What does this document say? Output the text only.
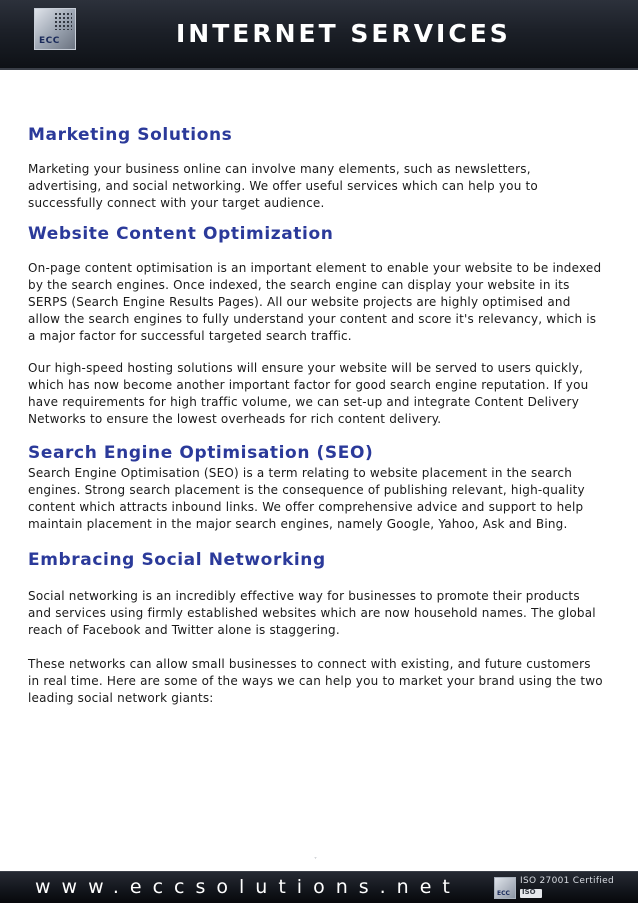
ECC	INTERNET SERVICES
Marketing Solutions

Marketing your business online can involve many elements, such as newsletters, advertising, and social networking. We offer useful services which can help you to successfully connect with your target audience.

Website Content Optimization

On-page content optimisation is an important element to enable your website to be indexed by the search engines. Once indexed, the search engine can display your website in its SERPS (Search Engine Results Pages). All our website projects are highly optimised and allow the search engines to fully understand your content and score it's relevancy, which is a major factor for successful targeted search traffic.

Our high-speed hosting solutions will ensure your website will be served to users quickly, which has now become another important factor for good search engine reputation. If you have requirements for high traffic volume, we can set-up and integrate Content Delivery Networks to ensure the lowest overheads for rich content delivery.

Search Engine Optimisation (SEO)

Search Engine Optimisation (SEO) is a term relating to website placement in the search engines. Strong search placement is the consequence of publishing relevant, high-quality content which attracts inbound links. We offer comprehensive advice and support to help maintain placement in the major search engines, namely Google, Yahoo, Ask and Bing.

Embracing Social Networking

Social networking is an incredibly effective way for businesses to promote their products and services using firmly established websites which are now household names. The global reach of Facebook and Twitter alone is staggering.

These networks can allow small businesses to connect with existing, and future customers in real time. Here are some of the ways we can help you to market your brand using the two leading social network giants:

ˬ
www.eccsolutions.net	ECC
ISO 27001 Certified
ISO
